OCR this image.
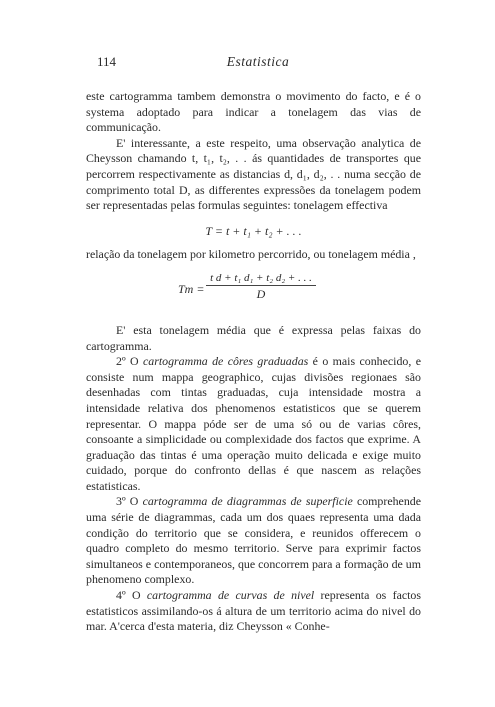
114	Estatistica

este cartogramma tambem demonstra o movimento do facto, e é o systema adoptado para indicar a tonelagem das vias de communicação.

E' interessante, a este respeito, uma observação analytica de Cheysson chamando t, t₁, t₂, . . ás quantidades de transportes que percorrem respectivamente as distancias d, d₁, d₂, . . numa secção de comprimento total D, as differentes expressões da tonelagem podem ser representadas pelas formulas seguintes: tonelagem effectiva

T = t + t₁ + t₂ + . . .

relação da tonelagem por kilometro percorrido, ou tonelagem média ,

$Tm = \frac{\text{t d + t₁ d₁ + t₂ d₂ + . . .}}{D}$

E' esta tonelagem média que é expressa pelas faixas do cartogramma.

2º O cartogramma de côres graduadas é o mais conhecido, e consiste num mappa geographico, cujas divisões regionaes são desenhadas com tintas graduadas, cuja intensidade mostra a intensidade relativa dos phenomenos estatisticos que se querem representar. O mappa póde ser de uma só ou de varias côres, consoante a simplicidade ou complexidade dos factos que exprime. A graduação das tintas é uma operação muito delicada e exige muito cuidado, porque do confronto dellas é que nascem as relações estatisticas.

3º O cartogramma de diagrammas de superficie comprehende uma série de diagrammas, cada um dos quaes representa uma dada condição do territorio que se considera, e reunidos offerecem o quadro completo do mesmo territorio. Serve para exprimir factos simultaneos e contemporaneos, que concorrem para a formação de um phenomeno complexo.

4º O cartogramma de curvas de nivel representa os factos estatisticos assimilando-os á altura de um territorio acima do nivel do mar. A'cerca d'esta materia, diz Cheysson « Conhe-
